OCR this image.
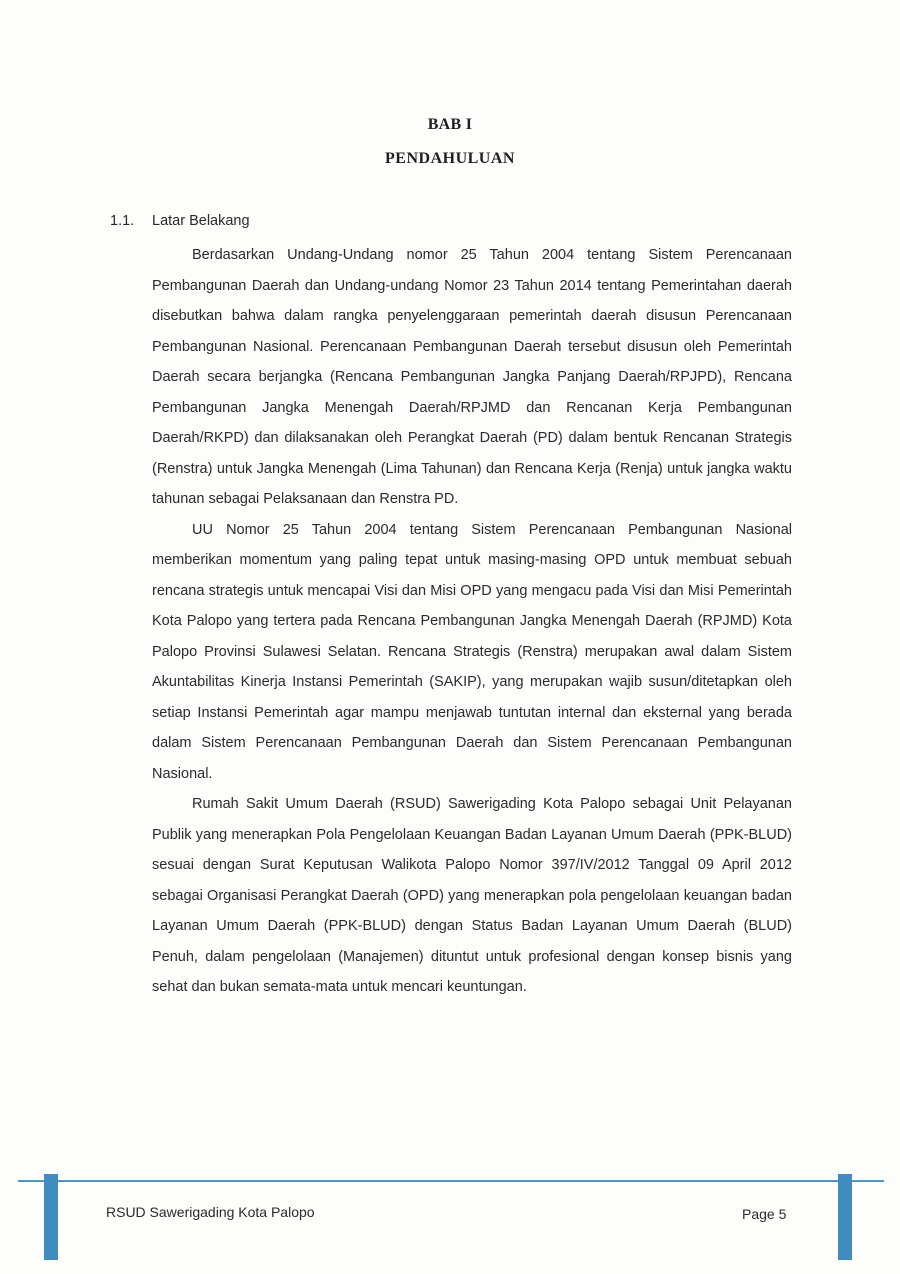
BAB I
PENDAHULUAN
1.1. Latar Belakang

Berdasarkan Undang-Undang nomor 25 Tahun 2004 tentang Sistem Perencanaan Pembangunan Daerah dan Undang-undang Nomor 23 Tahun 2014 tentang Pemerintahan daerah disebutkan bahwa dalam rangka penyelenggaraan pemerintah daerah disusun Perencanaan Pembangunan Nasional. Perencanaan Pembangunan Daerah tersebut disusun oleh Pemerintah Daerah secara berjangka (Rencana Pembangunan Jangka Panjang Daerah/RPJPD), Rencana Pembangunan Jangka Menengah Daerah/RPJMD dan Rencanan Kerja Pembangunan Daerah/RKPD) dan dilaksanakan oleh Perangkat Daerah (PD) dalam bentuk Rencanan Strategis (Renstra) untuk Jangka Menengah (Lima Tahunan) dan Rencana Kerja (Renja) untuk jangka waktu tahunan sebagai Pelaksanaan dan Renstra PD.

UU Nomor 25 Tahun 2004 tentang Sistem Perencanaan Pembangunan Nasional memberikan momentum yang paling tepat untuk masing-masing OPD untuk membuat sebuah rencana strategis untuk mencapai Visi dan Misi OPD yang mengacu pada Visi dan Misi Pemerintah Kota Palopo yang tertera pada Rencana Pembangunan Jangka Menengah Daerah (RPJMD) Kota Palopo Provinsi Sulawesi Selatan. Rencana Strategis (Renstra) merupakan awal dalam Sistem Akuntabilitas Kinerja Instansi Pemerintah (SAKIP), yang merupakan wajib susun/ditetapkan oleh setiap Instansi Pemerintah agar mampu menjawab tuntutan internal dan eksternal yang berada dalam Sistem Perencanaan Pembangunan Daerah dan Sistem Perencanaan Pembangunan Nasional.

Rumah Sakit Umum Daerah (RSUD) Sawerigading Kota Palopo sebagai Unit Pelayanan Publik yang menerapkan Pola Pengelolaan Keuangan Badan Layanan Umum Daerah (PPK-BLUD) sesuai dengan Surat Keputusan Walikota Palopo Nomor 397/IV/2012 Tanggal 09 April 2012 sebagai Organisasi Perangkat Daerah (OPD) yang menerapkan pola pengelolaan keuangan badan Layanan Umum Daerah (PPK-BLUD) dengan Status Badan Layanan Umum Daerah (BLUD) Penuh, dalam pengelolaan (Manajemen) dituntut untuk profesional dengan konsep bisnis yang sehat dan bukan semata-mata untuk mencari keuntungan.

RSUD Sawerigading Kota Palopo	Page 5
